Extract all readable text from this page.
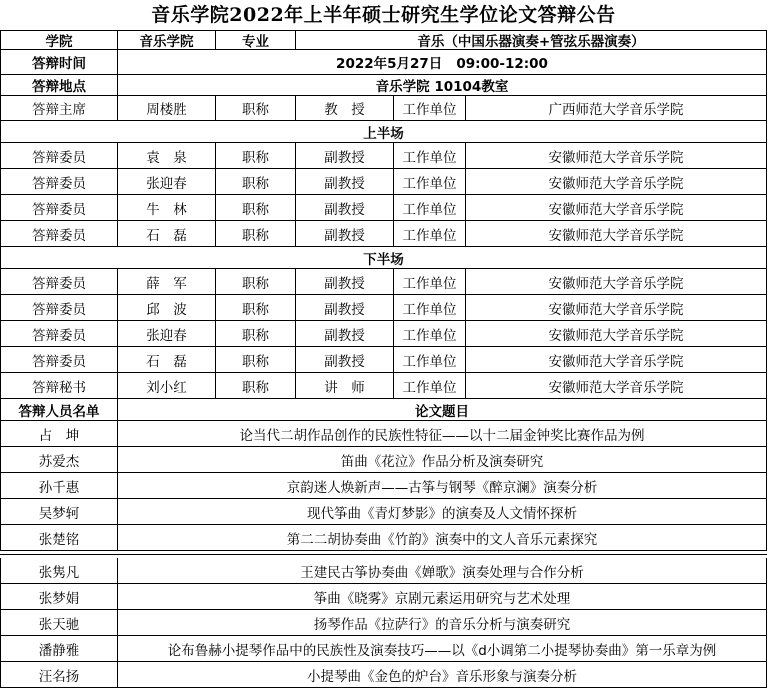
音乐学院2022年上半年硕士研究生学位论文答辩公告
学院	音乐学院	专业	音乐（中国乐器演奏+管弦乐器演奏）
答辩时间	2022年5月27日   09:00-12:00
答辩地点	音乐学院 10104教室
答辩主席	周楼胜	职称	教　授	工作单位	广西师范大学音乐学院
上半场
答辩委员	袁　泉	职称	副教授	工作单位	安徽师范大学音乐学院
答辩委员	张迎春	职称	副教授	工作单位	安徽师范大学音乐学院
答辩委员	牛　林	职称	副教授	工作单位	安徽师范大学音乐学院
答辩委员	石　磊	职称	副教授	工作单位	安徽师范大学音乐学院
下半场
答辩委员	薛　军	职称	副教授	工作单位	安徽师范大学音乐学院
答辩委员	邱　波	职称	副教授	工作单位	安徽师范大学音乐学院
答辩委员	张迎春	职称	副教授	工作单位	安徽师范大学音乐学院
答辩委员	石　磊	职称	副教授	工作单位	安徽师范大学音乐学院
答辩秘书	刘小红	职称	讲　师	工作单位	安徽师范大学音乐学院
答辩人员名单	论文题目
占　坤	论当代二胡作品创作的民族性特征——以十二届金钟奖比赛作品为例
苏爱杰	笛曲《花泣》作品分析及演奏研究
孙千惠	京韵迷人焕新声——古筝与钢琴《醉京澜》演奏分析
吴梦轲	现代筝曲《青灯梦影》的演奏及人文情怀探析
张楚铭	第二二胡协奏曲《竹韵》演奏中的文人音乐元素探究
张隽凡	王建民古筝协奏曲《婵歌》演奏处理与合作分析
张梦娟	筝曲《晓雾》京剧元素运用研究与艺术处理
张天驰	扬琴作品《拉萨行》的音乐分析与演奏研究
潘静雅	论布鲁赫小提琴作品中的民族性及演奏技巧——以《d小调第二小提琴协奏曲》第一乐章为例
汪名扬	小提琴曲《金色的炉台》音乐形象与演奏分析
